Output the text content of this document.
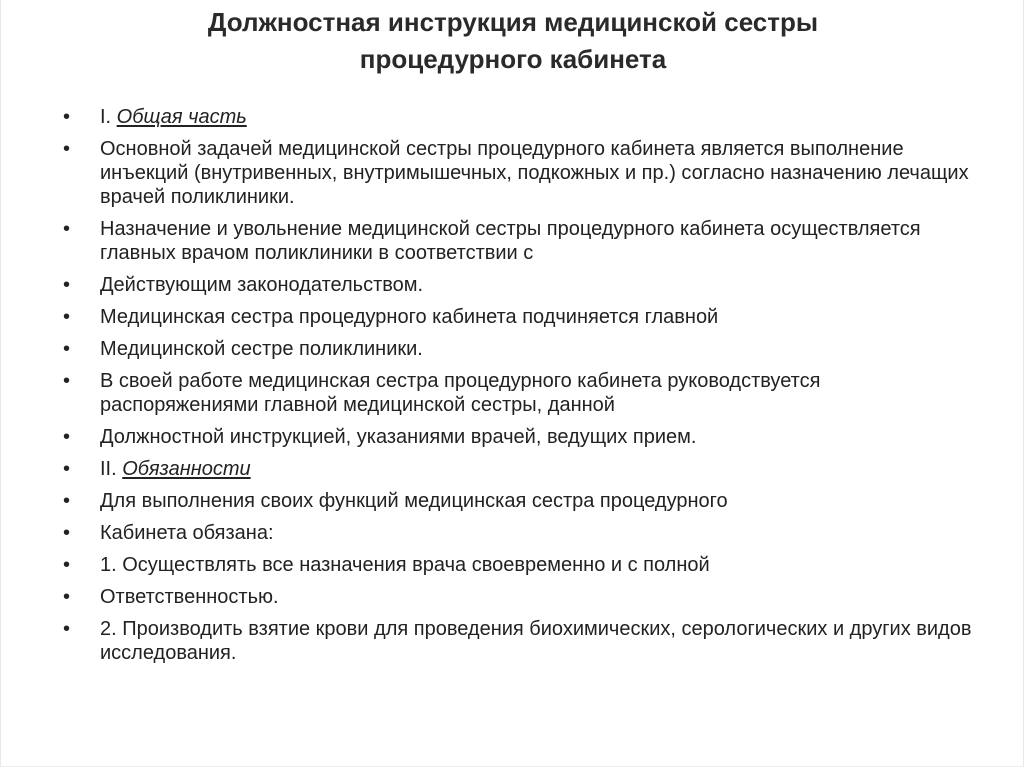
Должностная инструкция медицинской сестры
процедурного кабинета
•	I. Общая часть
•	Основной задачей медицинской сестры процедурного кабинета является выполнение инъекций (внутривенных, внутримышечных, подкожных и пр.) согласно назначению лечащих врачей поликлиники.
•	Назначение и увольнение медицинской сестры процедурного кабинета осуществляется главных врачом поликлиники в соответствии с
•	Действующим законодательством.
•	Медицинская сестра процедурного кабинета подчиняется главной
•	Медицинской сестре поликлиники.
•	В своей работе медицинская сестра процедурного кабинета руководствуется распоряжениями главной медицинской сестры, данной
•	Должностной инструкцией, указаниями врачей, ведущих прием.
•	II. Обязанности
•	Для выполнения своих функций медицинская сестра процедурного
•	Кабинета обязана:
•	1. Осуществлять все назначения врача своевременно и с полной
•	Ответственностью.
•	2. Производить взятие крови для проведения биохимических, серологических и других видов исследования.
